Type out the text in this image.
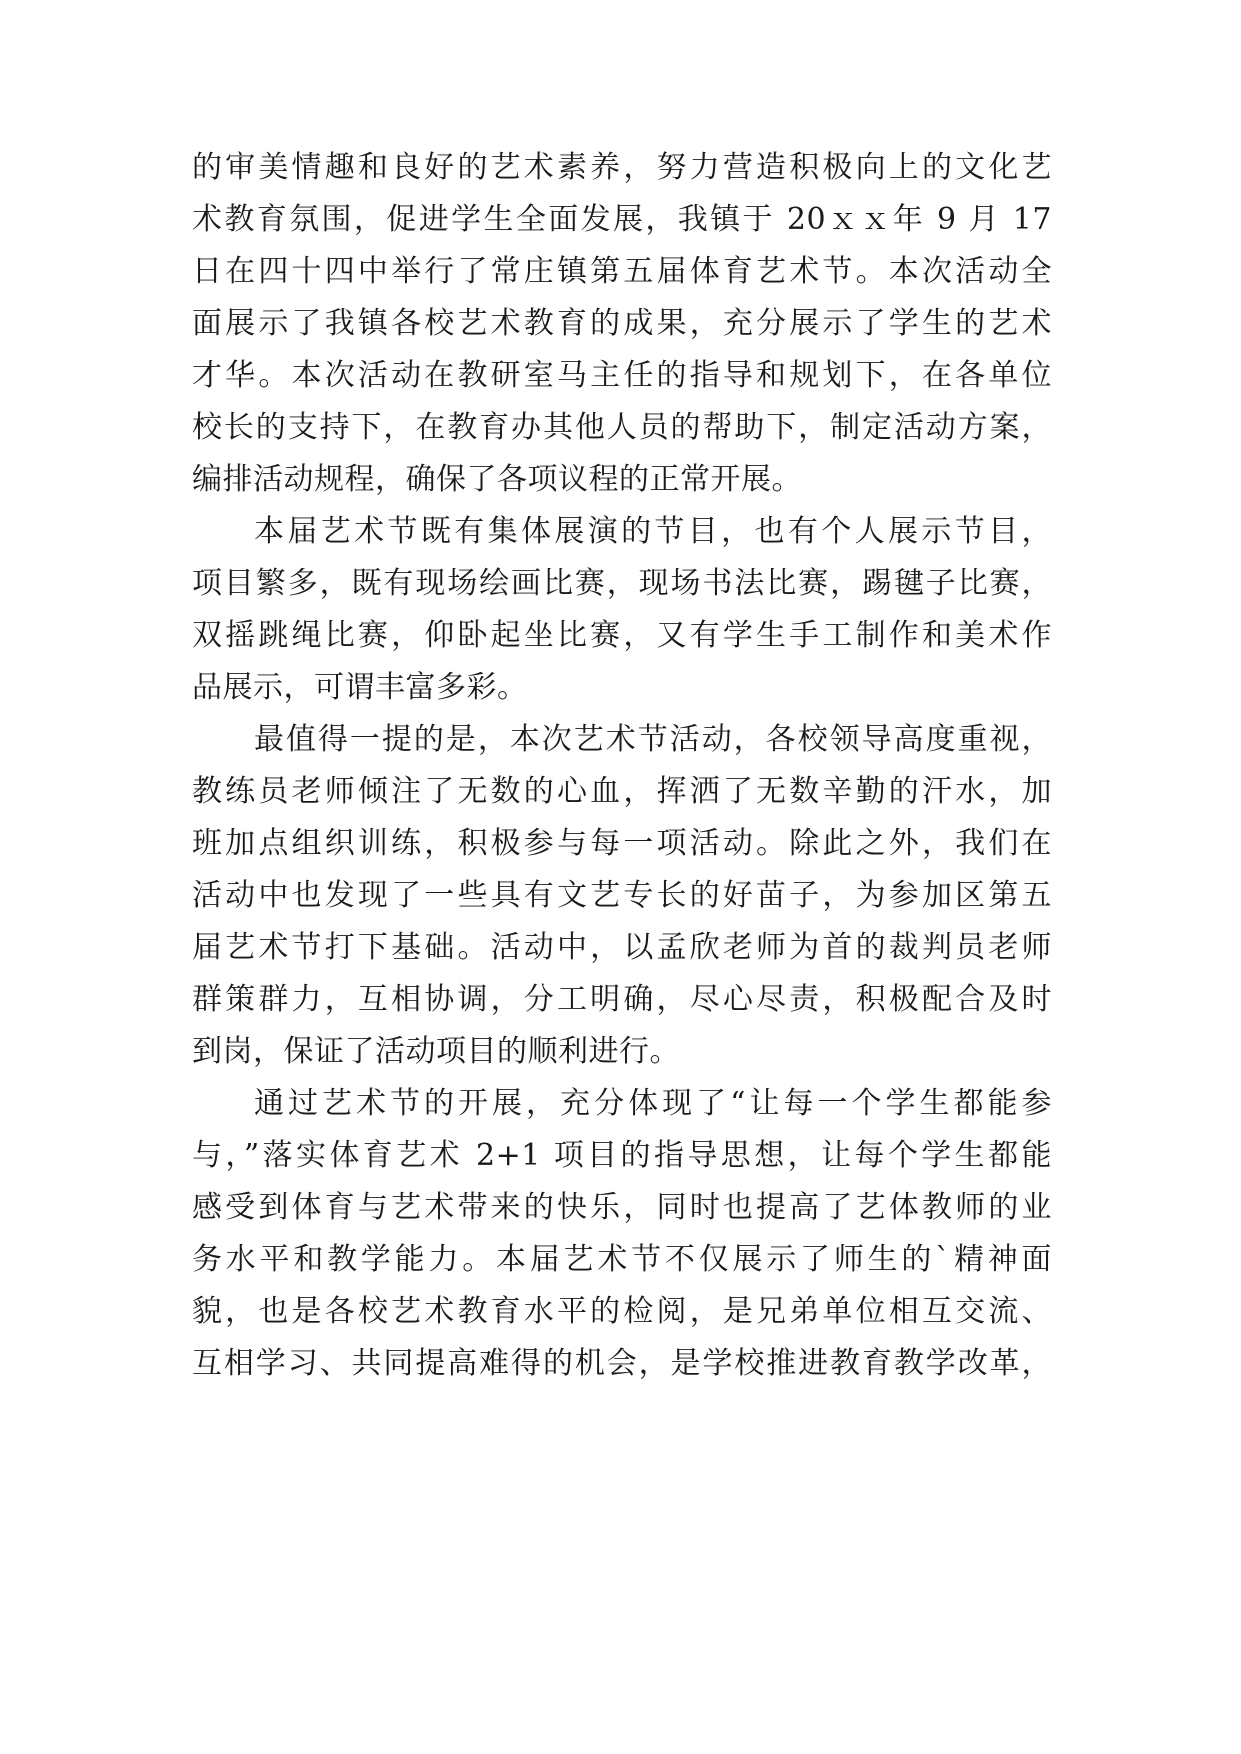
的审美情趣和良好的艺术素养，努力营造积极向上的文化艺
术教育氛围，促进学生全面发展，我镇于 20ｘｘ年 9 月 17
日在四十四中举行了常庄镇第五届体育艺术节。本次活动全
面展示了我镇各校艺术教育的成果，充分展示了学生的艺术
才华。本次活动在教研室马主任的指导和规划下，在各单位
校长的支持下，在教育办其他人员的帮助下，制定活动方案，
编排活动规程，确保了各项议程的正常开展。
本届艺术节既有集体展演的节目，也有个人展示节目，
项目繁多，既有现场绘画比赛，现场书法比赛，踢毽子比赛，
双摇跳绳比赛，仰卧起坐比赛，又有学生手工制作和美术作
品展示，可谓丰富多彩。
最值得一提的是，本次艺术节活动，各校领导高度重视，
教练员老师倾注了无数的心血，挥洒了无数辛勤的汗水，加
班加点组织训练，积极参与每一项活动。除此之外，我们在
活动中也发现了一些具有文艺专长的好苗子，为参加区第五
届艺术节打下基础。活动中，以孟欣老师为首的裁判员老师
群策群力，互相协调，分工明确，尽心尽责，积极配合及时
到岗，保证了活动项目的顺利进行。
通过艺术节的开展，充分体现了“让每一个学生都能参
与，”落实体育艺术 2+1 项目的指导思想，让每个学生都能
感受到体育与艺术带来的快乐，同时也提高了艺体教师的业
务水平和教学能力。本届艺术节不仅展示了师生的`精神面
貌，也是各校艺术教育水平的检阅，是兄弟单位相互交流、
互相学习、共同提高难得的机会，是学校推进教育教学改革，
